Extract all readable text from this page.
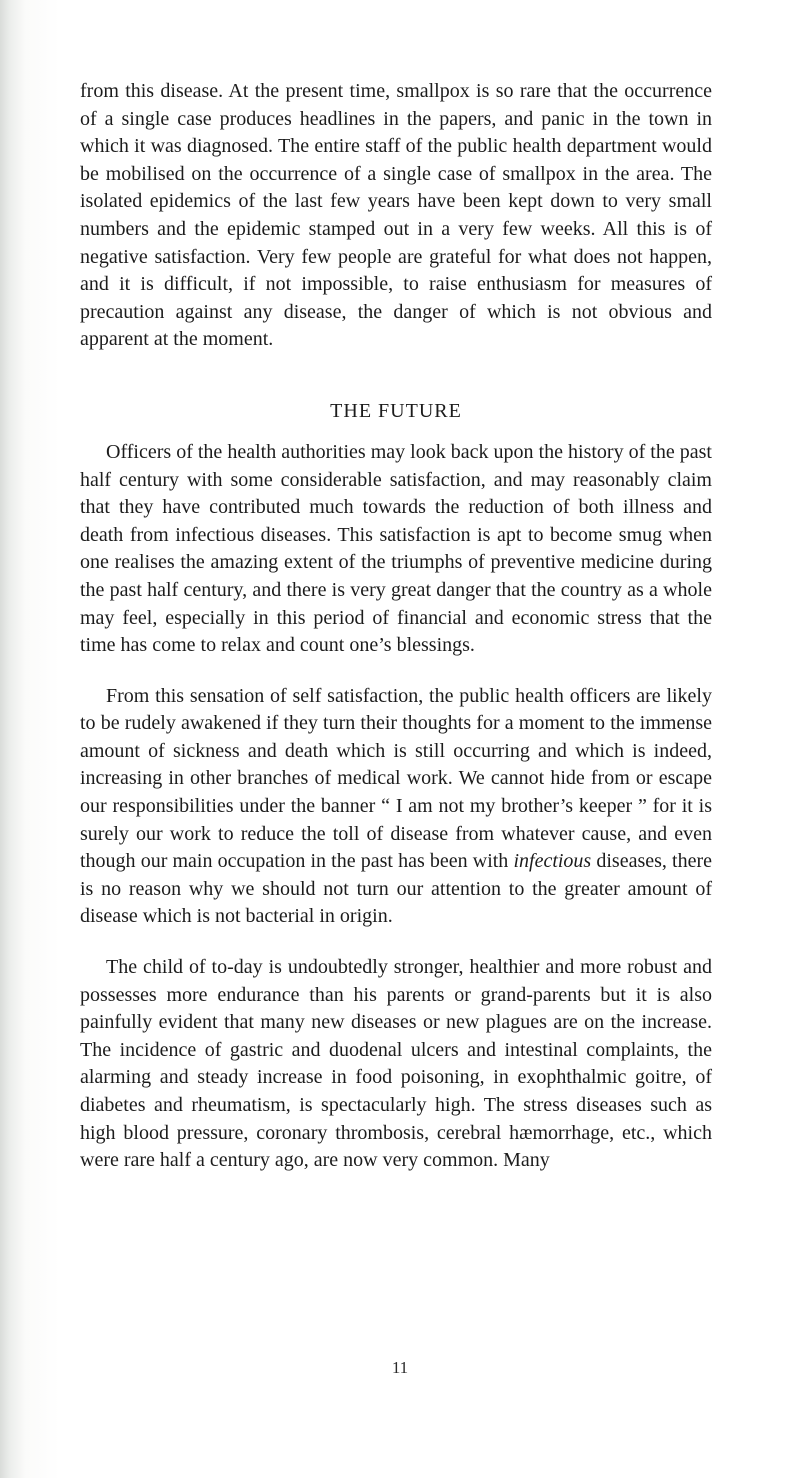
from this disease. At the present time, smallpox is so rare that the occurrence of a single case produces headlines in the papers, and panic in the town in which it was diagnosed. The entire staff of the public health department would be mobilised on the occurrence of a single case of smallpox in the area. The isolated epidemics of the last few years have been kept down to very small numbers and the epidemic stamped out in a very few weeks. All this is of negative satisfaction. Very few people are grateful for what does not happen, and it is difficult, if not impossible, to raise enthusiasm for measures of precaution against any disease, the danger of which is not obvious and apparent at the moment.

THE FUTURE

Officers of the health authorities may look back upon the history of the past half century with some considerable satisfaction, and may reasonably claim that they have contributed much towards the reduction of both illness and death from infectious diseases. This satisfaction is apt to become smug when one realises the amazing extent of the triumphs of preventive medicine during the past half century, and there is very great danger that the country as a whole may feel, especially in this period of financial and economic stress that the time has come to relax and count one’s blessings.

From this sensation of self satisfaction, the public health officers are likely to be rudely awakened if they turn their thoughts for a moment to the immense amount of sickness and death which is still occurring and which is indeed, increasing in other branches of medical work. We cannot hide from or escape our responsibilities under the banner “ I am not my brother’s keeper ” for it is surely our work to reduce the toll of disease from whatever cause, and even though our main occupation in the past has been with infectious diseases, there is no reason why we should not turn our attention to the greater amount of disease which is not bacterial in origin.

The child of to-day is undoubtedly stronger, healthier and more robust and possesses more endurance than his parents or grand-parents but it is also painfully evident that many new diseases or new plagues are on the increase. The incidence of gastric and duodenal ulcers and intestinal complaints, the alarming and steady increase in food poisoning, in exophthalmic goitre, of diabetes and rheumatism, is spectacularly high. The stress diseases such as high blood pressure, coronary thrombosis, cerebral hæmorrhage, etc., which were rare half a century ago, are now very common. Many

11
